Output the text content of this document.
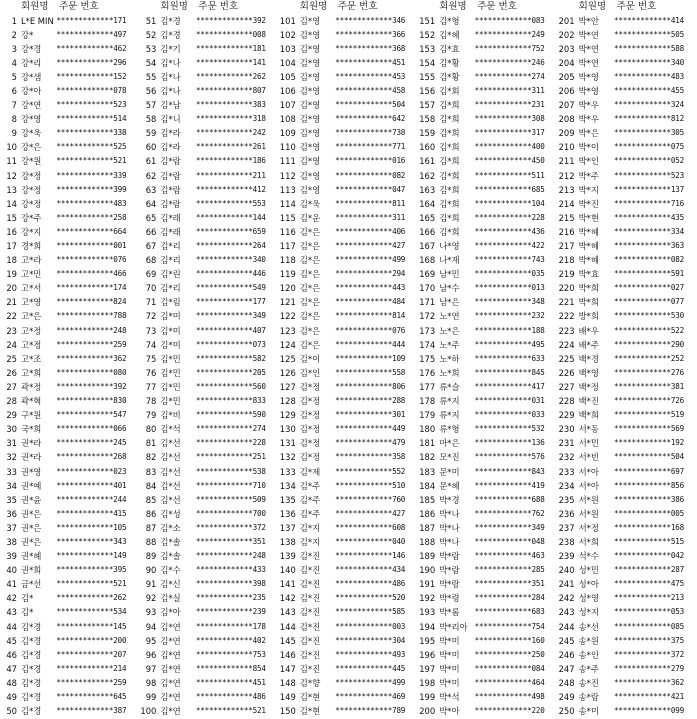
회원명 주문 번호
1 L*E MIN *************171
2 강*	*************497
3 강*경	*************462
4 강*리	*************296
5 강*샘	*************152
6 강*아	*************078
7 강*연	*************523
8 강*영	*************514
9 강*욱	*************338
10 강*은	*************525
11 강*원	*************521
12 강*정	*************339
13 강*정	*************399
14 강*정	*************483
15 강*주	*************258
16 강*지	*************664
17 경*희	*************001
18 고*라	*************076
19 고*민	*************466
20 고*서	*************174
21 고*영	*************824
22 고*은	*************788
23 고*정	*************248
24 고*정	*************259
25 고*조	*************362
26 고*희	*************080
27 곽*정	*************392
28 곽*혁	*************830
29 구*원	*************547
30 국*희	*************066
31 권*라	*************245
32 권*라	*************268
33 권*영	*************023
34 권*예	*************401
35 권*윤	*************244
36 권*은	*************415
37 권*은	*************105
38 권*은	*************343
39 권*혜	*************149
40 권*희	*************395
41 금*선	*************521
42 김*	*************262
43 김*	*************534
44 김*경	*************145
45 김*경	*************200
46 김*경	*************207
47 김*경	*************214
48 김*경	*************259
49 김*경	*************645
50 김*경	*************387
회원명 주문 번호
51 김*경	*************392
52 김*경	*************008
53 김*기	*************181
54 김*나	*************141
55 김*나	*************262
56 김*나	*************807
57 김*남	*************383
58 김*니	*************318
59 김*라	*************242
60 김*라	*************261
61 김*람	*************186
62 김*람	*************211
63 김*람	*************412
64 김*람	*************553
65 김*래	*************144
66 김*래	*************659
67 김*리	*************264
68 김*리	*************340
69 김*린	*************446
70 김*리	*************549
71 김*림	*************177
72 김*미	*************349
73 김*미	*************407
74 김*미	*************073
75 김*민	*************582
76 김*민	*************205
77 김*민	*************560
78 김*민	*************833
79 김*비	*************590
80 김*석	*************274
81 김*선	*************228
82 김*선	*************251
83 김*선	*************538
84 김*선	*************710
85 김*선	*************509
86 김*성	*************700
87 김*소	*************372
88 김*솔	*************351
89 김*솔	*************248
90 김*수	*************433
91 김*신	*************398
92 김*실	*************235
93 김*아	*************239
94 김*연	*************178
95 김*연	*************402
96 김*연	*************753
97 김*연	*************854
98 김*연	*************451
99 김*연	*************486
100 김*연	*************521
회원명 주문 번호
101 김*영	*************346
102 김*영	*************366
103 김*영	*************368
104 김*영	*************451
105 김*영	*************453
106 김*영	*************458
107 김*영	*************504
108 김*영	*************642
109 김*영	*************738
110 김*영	*************771
111 김*영	*************016
112 김*영	*************082
113 김*영	*************047
114 김*욱	*************811
115 김*운	*************311
116 김*은	*************406
117 김*은	*************427
118 김*은	*************499
119 김*은	*************294
120 김*은	*************443
121 김*은	*************484
122 김*은	*************814
123 김*은	*************076
124 김*은	*************444
125 김*이	*************109
126 김*인	*************558
127 김*정	*************806
128 김*정	*************288
129 김*정	*************301
130 김*정	*************449
131 김*정	*************479
132 김*정	*************358
133 김*제	*************552
134 김*주	*************510
135 김*주	*************760
136 김*주	*************427
137 김*지	*************608
138 김*지	*************040
139 김*진	*************146
140 김*진	*************434
141 김*진	*************486
142 김*진	*************520
143 김*진	*************585
144 김*진	*************003
145 김*진	*************304
146 김*진	*************493
147 김*진	*************445
148 김*향	*************499
149 김*현	*************469
150 김*현	*************789
회원명 주문 번호
151 김*형	*************083
152 김*혜	*************249
153 김*효	*************752
154 김*황	*************246
155 김*황	*************274
156 김*회	*************311
157 김*희	*************231
158 김*희	*************308
159 김*희	*************317
160 김*희	*************400
161 김*희	*************450
162 김*희	*************511
163 김*희	*************685
164 김*희	*************104
165 김*희	*************228
166 김*희	*************436
167 나*영	*************422
168 나*재	*************743
169 남*민	*************035
170 남*수	*************013
171 남*은	*************348
172 노*연	*************232
173 노*은	*************188
174 노*주	*************495
175 노*하	*************633
176 노*희	*************845
177 류*슬	*************417
178 류*지	*************031
179 류*지	*************033
180 류*형	*************532
181 마*은	*************136
182 모*진	*************576
183 문*미	*************843
184 문*혜	*************419
185 박*경	*************688
186 박*나	*************762
187 박*나	*************349
188 박*나	*************048
189 박*람	*************463
190 박*람	*************285
191 박*랑	*************351
192 박*령	*************284
193 박*롬	*************683
194 박*리아 *************754
195 박*미	*************160
196 박*미	*************250
197 박*미	*************084
198 박*미	*************464
199 박*석	*************498
200 박*아	*************220
회원명 주문 번호
201 박*안	*************414
202 박*연	*************505
203 박*연	*************588
204 박*연	*************340
205 박*영	*************483
206 박*영	*************455
207 박*우	*************324
208 박*우	*************812
209 박*은	*************305
210 박*이	*************075
211 박*인	*************052
212 박*주	*************523
213 박*지	*************137
214 박*진	*************716
215 박*현	*************435
216 박*혜	*************334
217 박*혜	*************363
218 박*혜	*************082
219 박*효	*************591
220 박*희	*************027
221 박*희	*************077
222 방*희	*************530
223 배*우	*************522
224 배*주	*************290
225 백*경	*************252
226 백*영	*************276
227 백*정	*************381
228 백*진	*************726
229 백*희	*************519
230 서*동	*************569
231 서*민	*************192
232 서*빈	*************504
233 서*아	*************697
234 서*아	*************856
235 서*원	*************386
236 서*원	*************005
237 서*정	*************168
238 서*희	*************515
239 석*수	*************042
240 성*민	*************287
241 성*아	*************475
242 성*영	*************213
243 성*지	*************053
244 송*선	*************085
245 송*원	*************375
246 송*인	*************372
247 송*주	*************279
248 송*진	*************362
249 송*람	*************421
250 송*미	*************099
